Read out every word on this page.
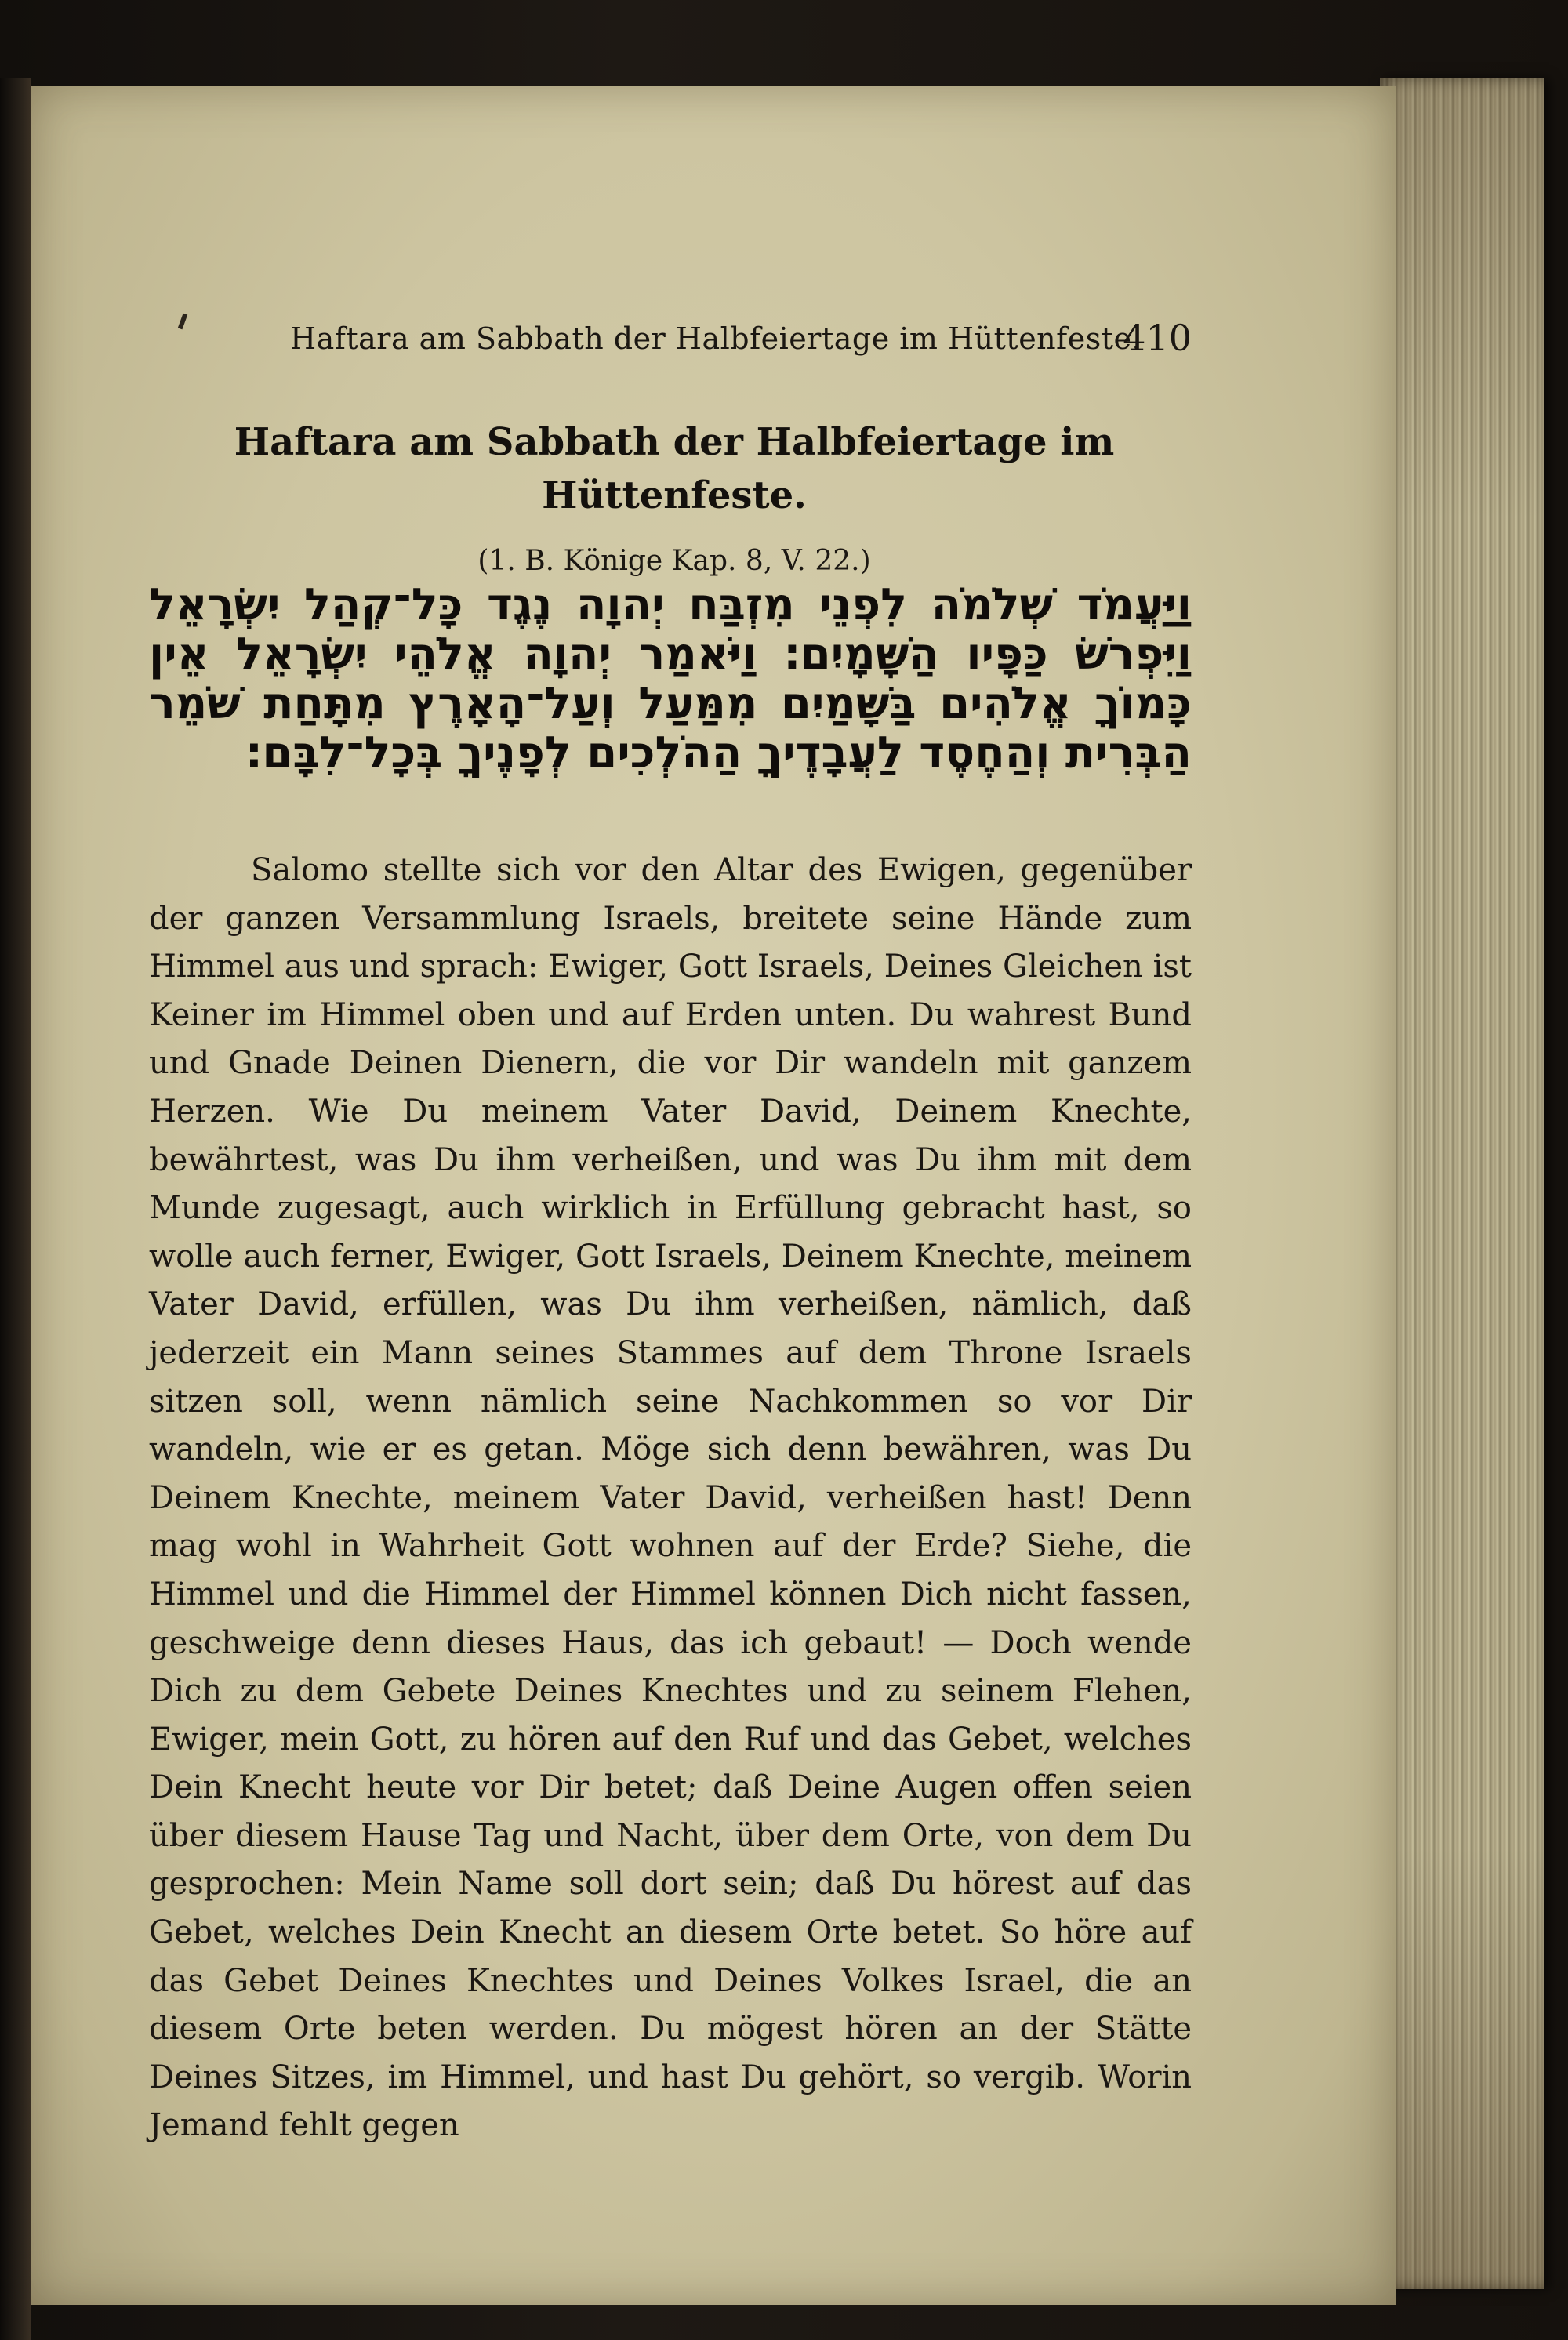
Haftara am Sabbath der Halbfeiertage im Hüttenfeste.
410
Haftara am Sabbath der Halbfeiertage im Hüttenfeste.
(1. B. Könige Kap. 8, V. 22.)
וַיַּעֲמֹד שְׁלֹמֹה לִפְנֵי מִזְבַּח יְהוָה נֶגֶד כָּל־קְהַל יִשְׂרָאֵל וַיִּפְרֹשׂ כַּפָּיו הַשָּׁמָיִם׃ וַיֹּאמַר יְהוָה אֱלֹהֵי יִשְׂרָאֵל אֵין כָּמוֹךָ אֱלֹהִים בַּשָּׁמַיִם מִמַּעַל וְעַל־הָאָרֶץ מִתָּחַת שֹׁמֵר הַבְּרִית וְהַחֶסֶד לַעֲבָדֶיךָ הַהֹלְכִים לְפָנֶיךָ בְּכָל־לִבָּם׃
Salomo stellte sich vor den Altar des Ewigen, gegenüber der ganzen Versammlung Israels, breitete seine Hände zum Himmel aus und sprach: Ewiger, Gott Israels, Deines Gleichen ist Keiner im Himmel oben und auf Erden unten. Du wahrest Bund und Gnade Deinen Dienern, die vor Dir wandeln mit ganzem Herzen. Wie Du meinem Vater David, Deinem Knechte, bewährtest, was Du ihm verheißen, und was Du ihm mit dem Munde zugesagt, auch wirklich in Erfüllung gebracht hast, so wolle auch ferner, Ewiger, Gott Israels, Deinem Knechte, meinem Vater David, erfüllen, was Du ihm verheißen, nämlich, daß jederzeit ein Mann seines Stammes auf dem Throne Israels sitzen soll, wenn nämlich seine Nachkommen so vor Dir wandeln, wie er es getan. Möge sich denn bewähren, was Du Deinem Knechte, meinem Vater David, verheißen hast! Denn mag wohl in Wahrheit Gott wohnen auf der Erde? Siehe, die Himmel und die Himmel der Himmel können Dich nicht fassen, geschweige denn dieses Haus, das ich gebaut! — Doch wende Dich zu dem Gebete Deines Knechtes und zu seinem Flehen, Ewiger, mein Gott, zu hören auf den Ruf und das Gebet, welches Dein Knecht heute vor Dir betet; daß Deine Augen offen seien über diesem Hause Tag und Nacht, über dem Orte, von dem Du gesprochen: Mein Name soll dort sein; daß Du hörest auf das Gebet, welches Dein Knecht an diesem Orte betet. So höre auf das Gebet Deines Knechtes und Deines Volkes Israel, die an diesem Orte beten werden. Du mögest hören an der Stätte Deines Sitzes, im Himmel, und hast Du gehört, so vergib. Worin Jemand fehlt gegen
